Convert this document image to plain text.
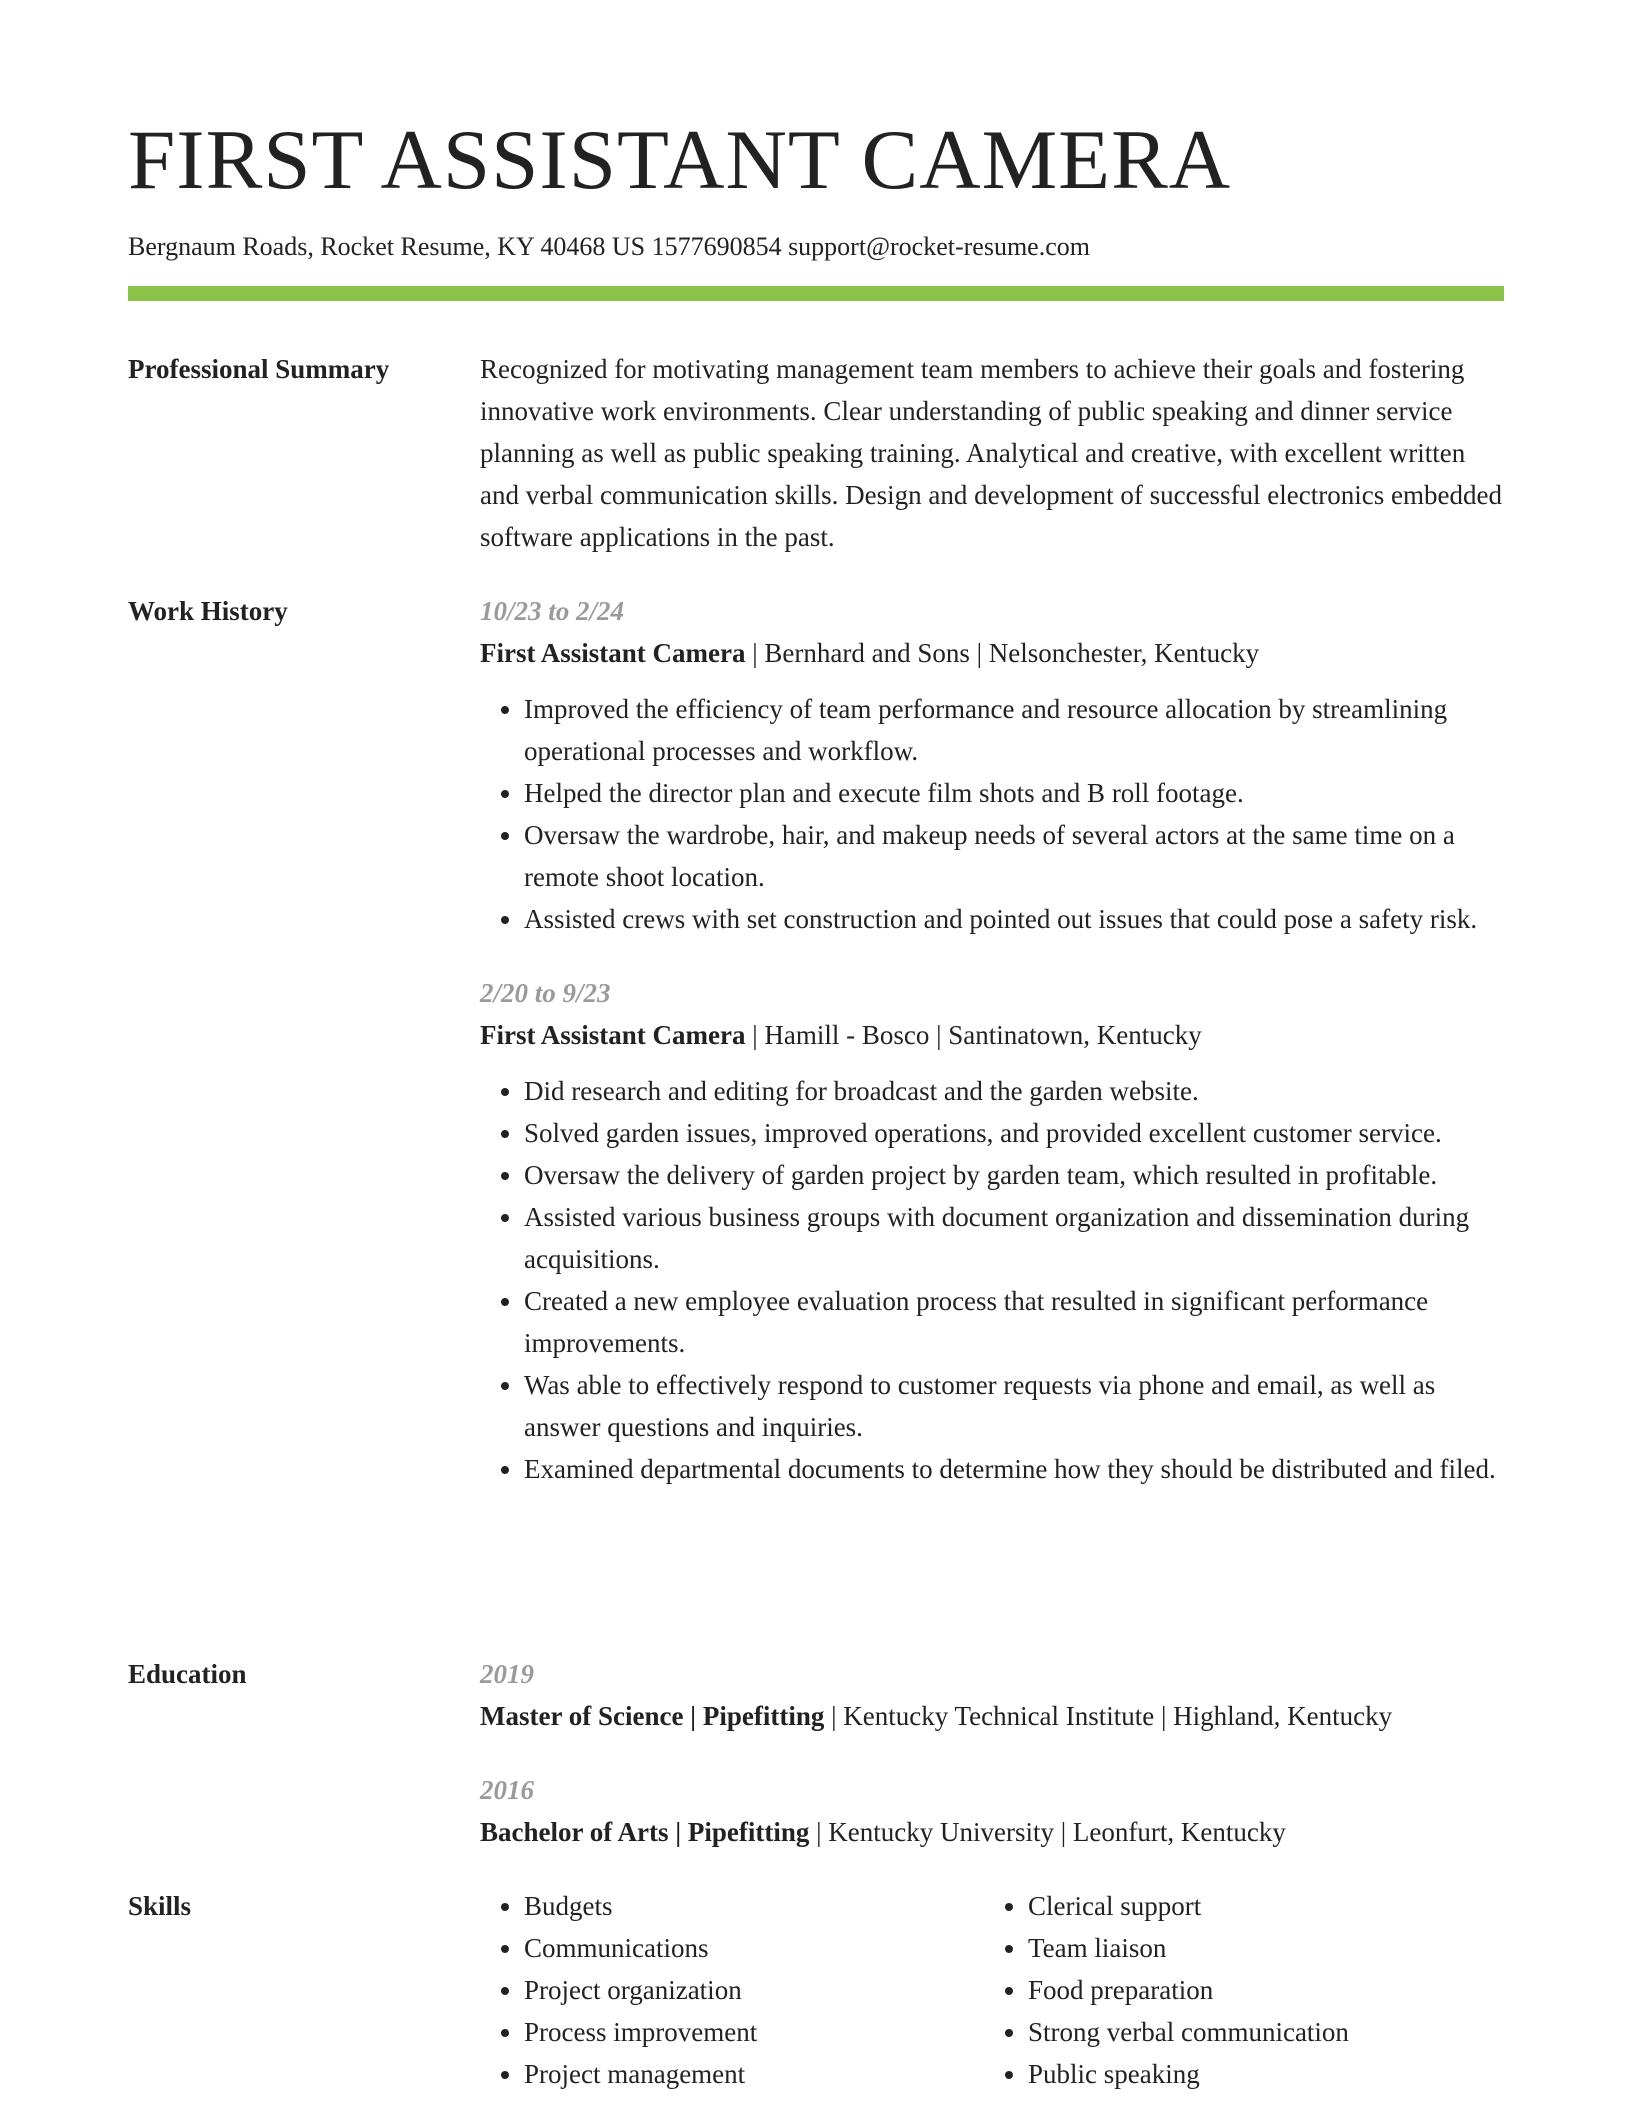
FIRST ASSISTANT CAMERA
Bergnaum Roads, Rocket Resume, KY 40468 US 1577690854 support@rocket-resume.com
Professional Summary	Recognized for motivating management team members to achieve their goals and fostering innovative work environments. Clear understanding of public speaking and dinner service planning as well as public speaking training. Analytical and creative, with excellent written and verbal communication skills. Design and development of successful electronics embedded software applications in the past.

Work History	10/23 to 2/24
First Assistant Camera | Bernhard and Sons | Nelsonchester, Kentucky
• Improved the efficiency of team performance and resource allocation by streamlining operational processes and workflow.
• Helped the director plan and execute film shots and B roll footage.
• Oversaw the wardrobe, hair, and makeup needs of several actors at the same time on a remote shoot location.
• Assisted crews with set construction and pointed out issues that could pose a safety risk.
2/20 to 9/23
First Assistant Camera | Hamill - Bosco | Santinatown, Kentucky
• Did research and editing for broadcast and the garden website.
• Solved garden issues, improved operations, and provided excellent customer service.
• Oversaw the delivery of garden project by garden team, which resulted in profitable.
• Assisted various business groups with document organization and dissemination during acquisitions.
• Created a new employee evaluation process that resulted in significant performance improvements.
• Was able to effectively respond to customer requests via phone and email, as well as answer questions and inquiries.
• Examined departmental documents to determine how they should be distributed and filed.
Education	2019
Master of Science | Pipefitting | Kentucky Technical Institute | Highland, Kentucky
2016
Bachelor of Arts | Pipefitting | Kentucky University | Leonfurt, Kentucky
Skills
•	Budgets
• Communications
• Project organization
• Process improvement
• Project management
• Clerical support
• Team liaison
• Food preparation
• Strong verbal communication
• Public speaking
